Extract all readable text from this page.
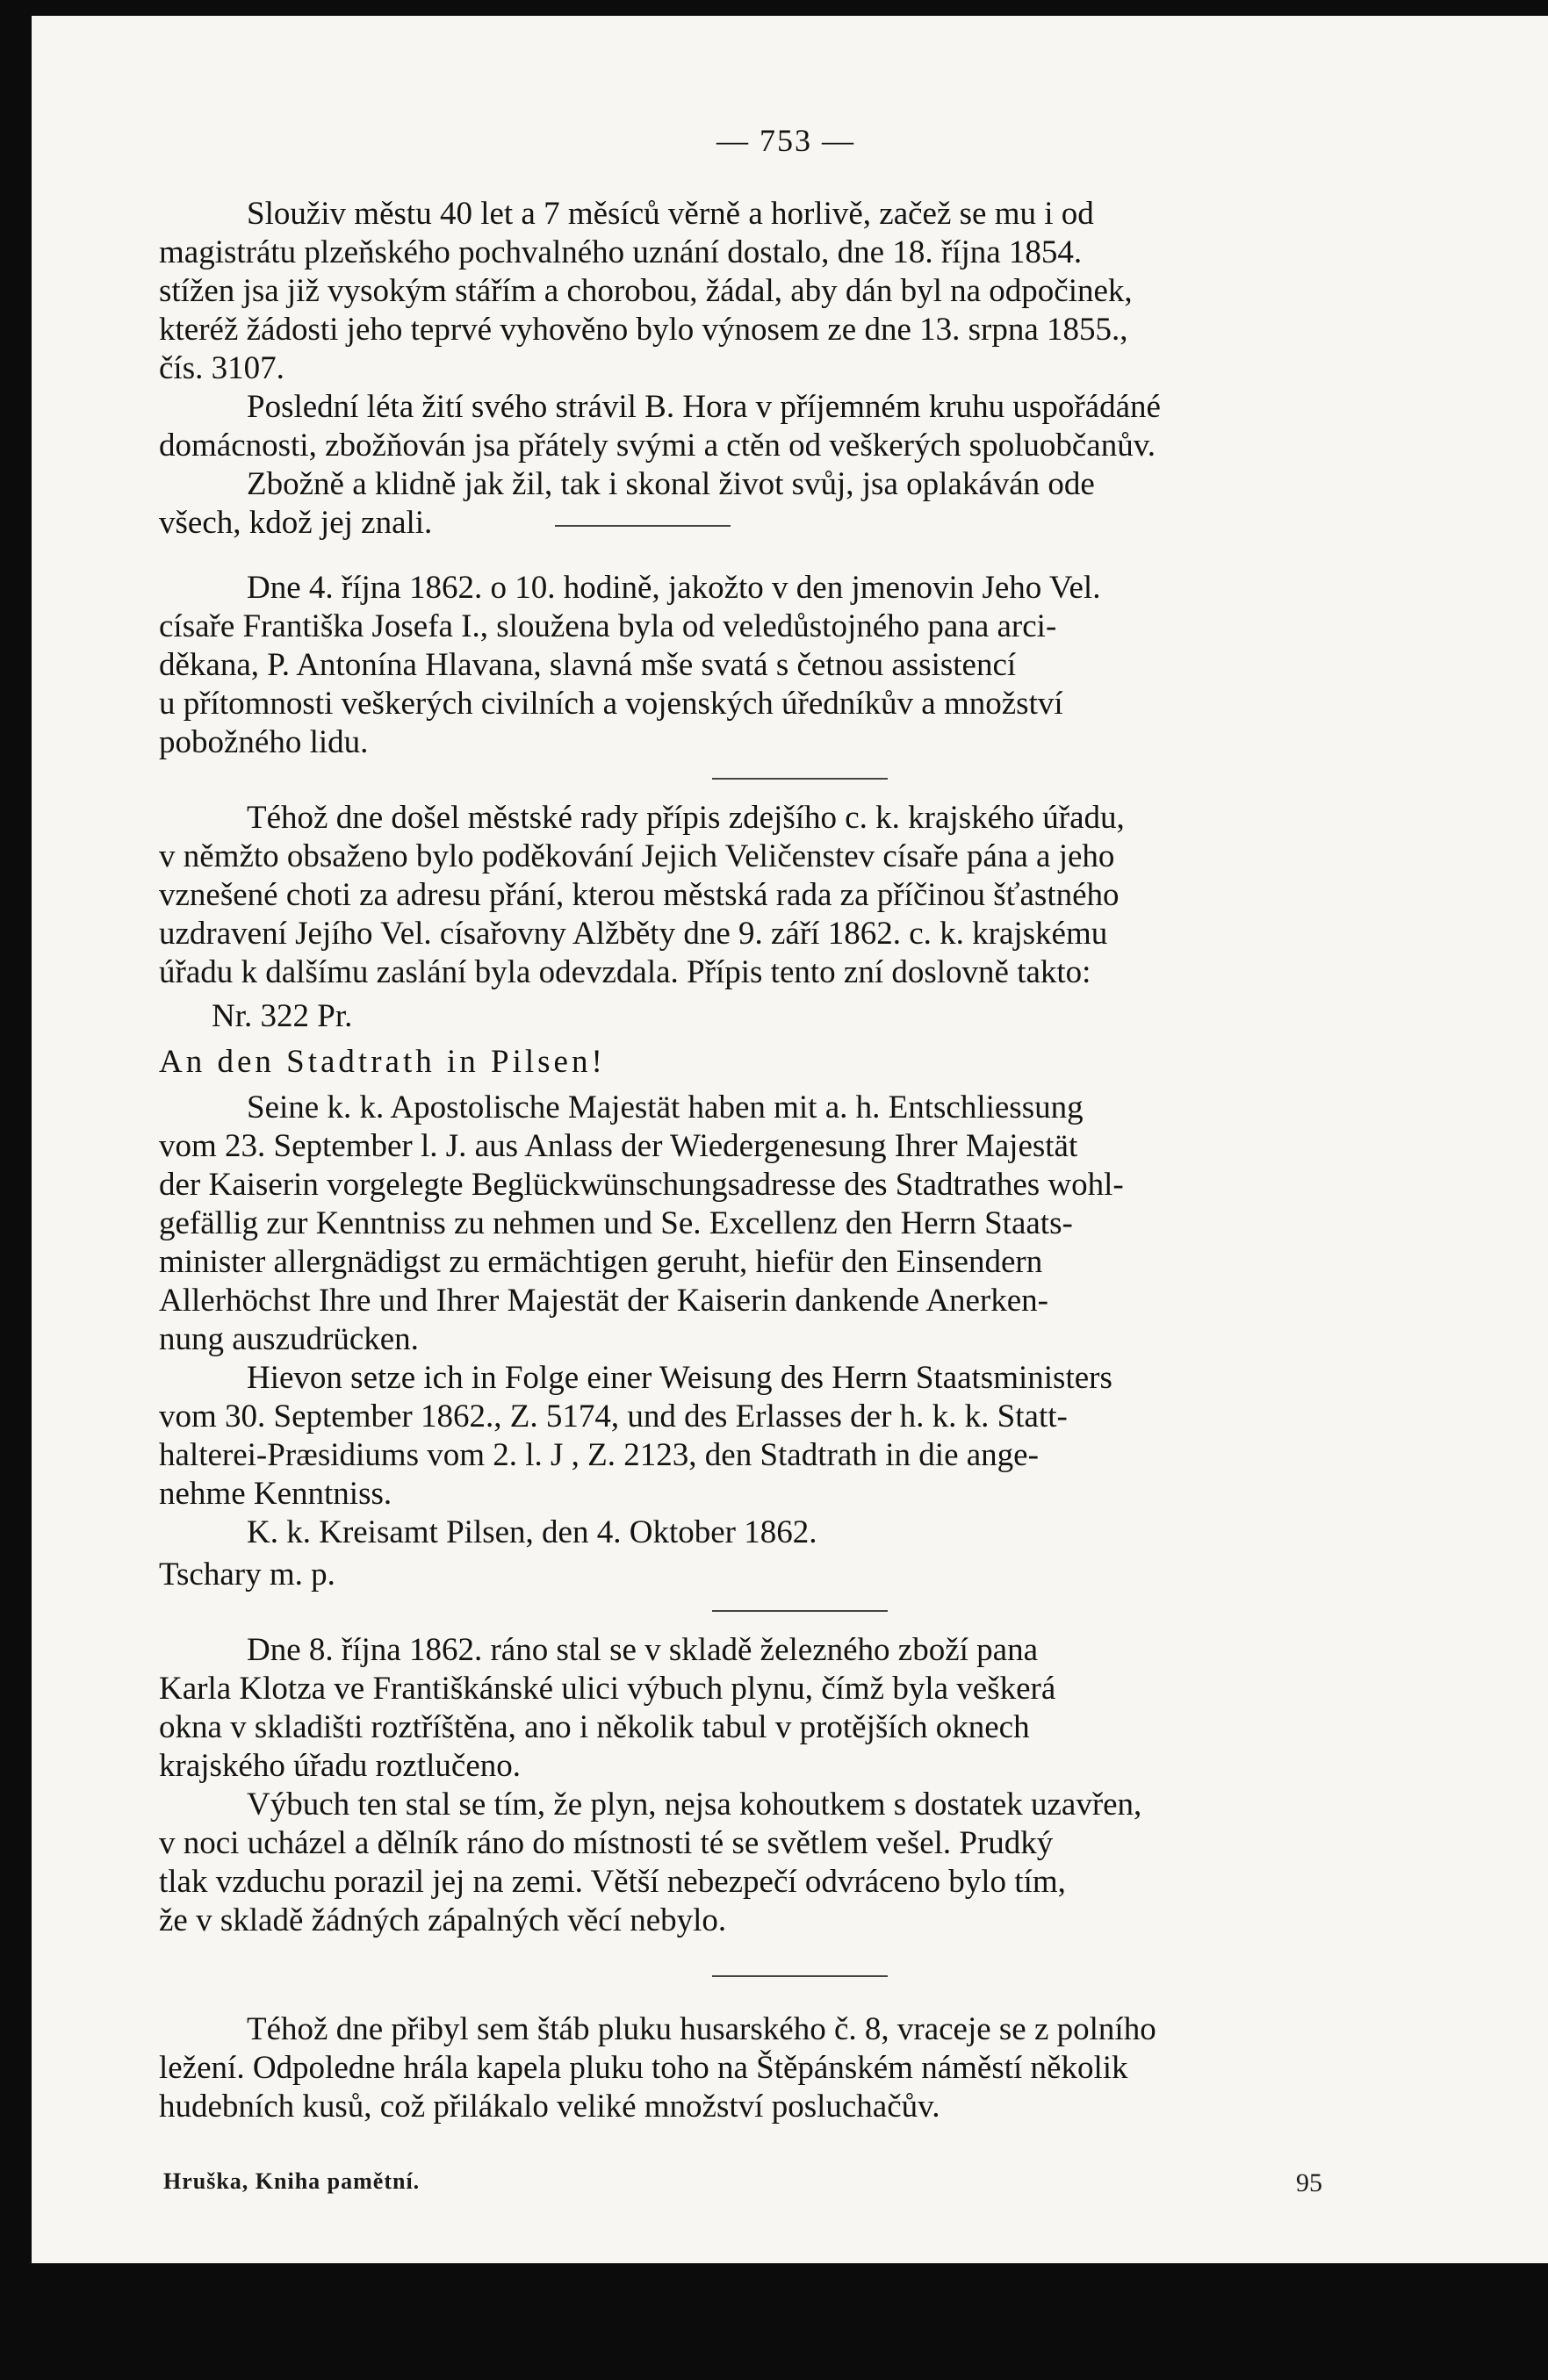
— 753 —

Slouživ městu 40 let a 7 měsíců věrně a horlivě, začež se mu i od

magistrátu plzeňského pochvalného uznání dostalo, dne 18. října 1854.

stížen jsa již vysokým stářím a chorobou, žádal, aby dán byl na odpočinek,

kteréž žádosti jeho teprvé vyhověno bylo výnosem ze dne 13. srpna 1855.,

čís. 3107.

Poslední léta žití svého strávil B. Hora v příjemném kruhu uspořádáné

domácnosti, zbožňován jsa přátely svými a ctěn od veškerých spoluobčanův.

Zbožně a klidně jak žil, tak i skonal život svůj, jsa oplakáván ode

všech, kdož jej znali.

Dne 4. října 1862. o 10. hodině, jakožto v den jmenovin Jeho Vel.

císaře Františka Josefa I., sloužena byla od veledůstojného pana arci-

děkana, P. Antonína Hlavana, slavná mše svatá s četnou assistencí

u přítomnosti veškerých civilních a vojenských úředníkův a množství

pobožného lidu.

Téhož dne došel městské rady přípis zdejšího c. k. krajského úřadu,

v němžto obsaženo bylo poděkování Jejich Veličenstev císaře pána a jeho

vznešené choti za adresu přání, kterou městská rada za příčinou šťastného

uzdravení Jejího Vel. císařovny Alžběty dne 9. září 1862. c. k. krajskému

úřadu k dalšímu zaslání byla odevzdala. Přípis tento zní doslovně takto:

Nr. 322 Pr.

An den Stadtrath in Pilsen!

Seine k. k. Apostolische Majestät haben mit a. h. Entschliessung

vom 23. September l. J. aus Anlass der Wiedergenesung Ihrer Majestät

der Kaiserin vorgelegte Beglückwünschungsadresse des Stadtrathes wohl-

gefällig zur Kenntniss zu nehmen und Se. Excellenz den Herrn Staats-

minister allergnädigst zu ermächtigen geruht, hiefür den Einsendern

Allerhöchst Ihre und Ihrer Majestät der Kaiserin dankende Anerken-

nung auszudrücken.

Hievon setze ich in Folge einer Weisung des Herrn Staatsministers

vom 30. September 1862., Z. 5174, und des Erlasses der h. k. k. Statt-

halterei-Præsidiums vom 2. l. J , Z. 2123, den Stadtrath in die ange-

nehme Kenntniss.

K. k. Kreisamt Pilsen, den 4. Oktober 1862.

Tschary m. p.

Dne 8. října 1862. ráno stal se v skladě železného zboží pana

Karla Klotza ve Františkánské ulici výbuch plynu, čímž byla veškerá

okna v skladišti roztříštěna, ano i několik tabul v protějších oknech

krajského úřadu roztlučeno.

Výbuch ten stal se tím, že plyn, nejsa kohoutkem s dostatek uzavřen,

v noci ucházel a dělník ráno do místnosti té se světlem vešel. Prudký

tlak vzduchu porazil jej na zemi. Větší nebezpečí odvráceno bylo tím,

že v skladě žádných zápalných věcí nebylo.

Téhož dne přibyl sem štáb pluku husarského č. 8, vraceje se z polního

ležení. Odpoledne hrála kapela pluku toho na Štěpánském náměstí několik

hudebních kusů, což přilákalo veliké množství posluchačův.

Hruška, Kniha pamětní.	95
